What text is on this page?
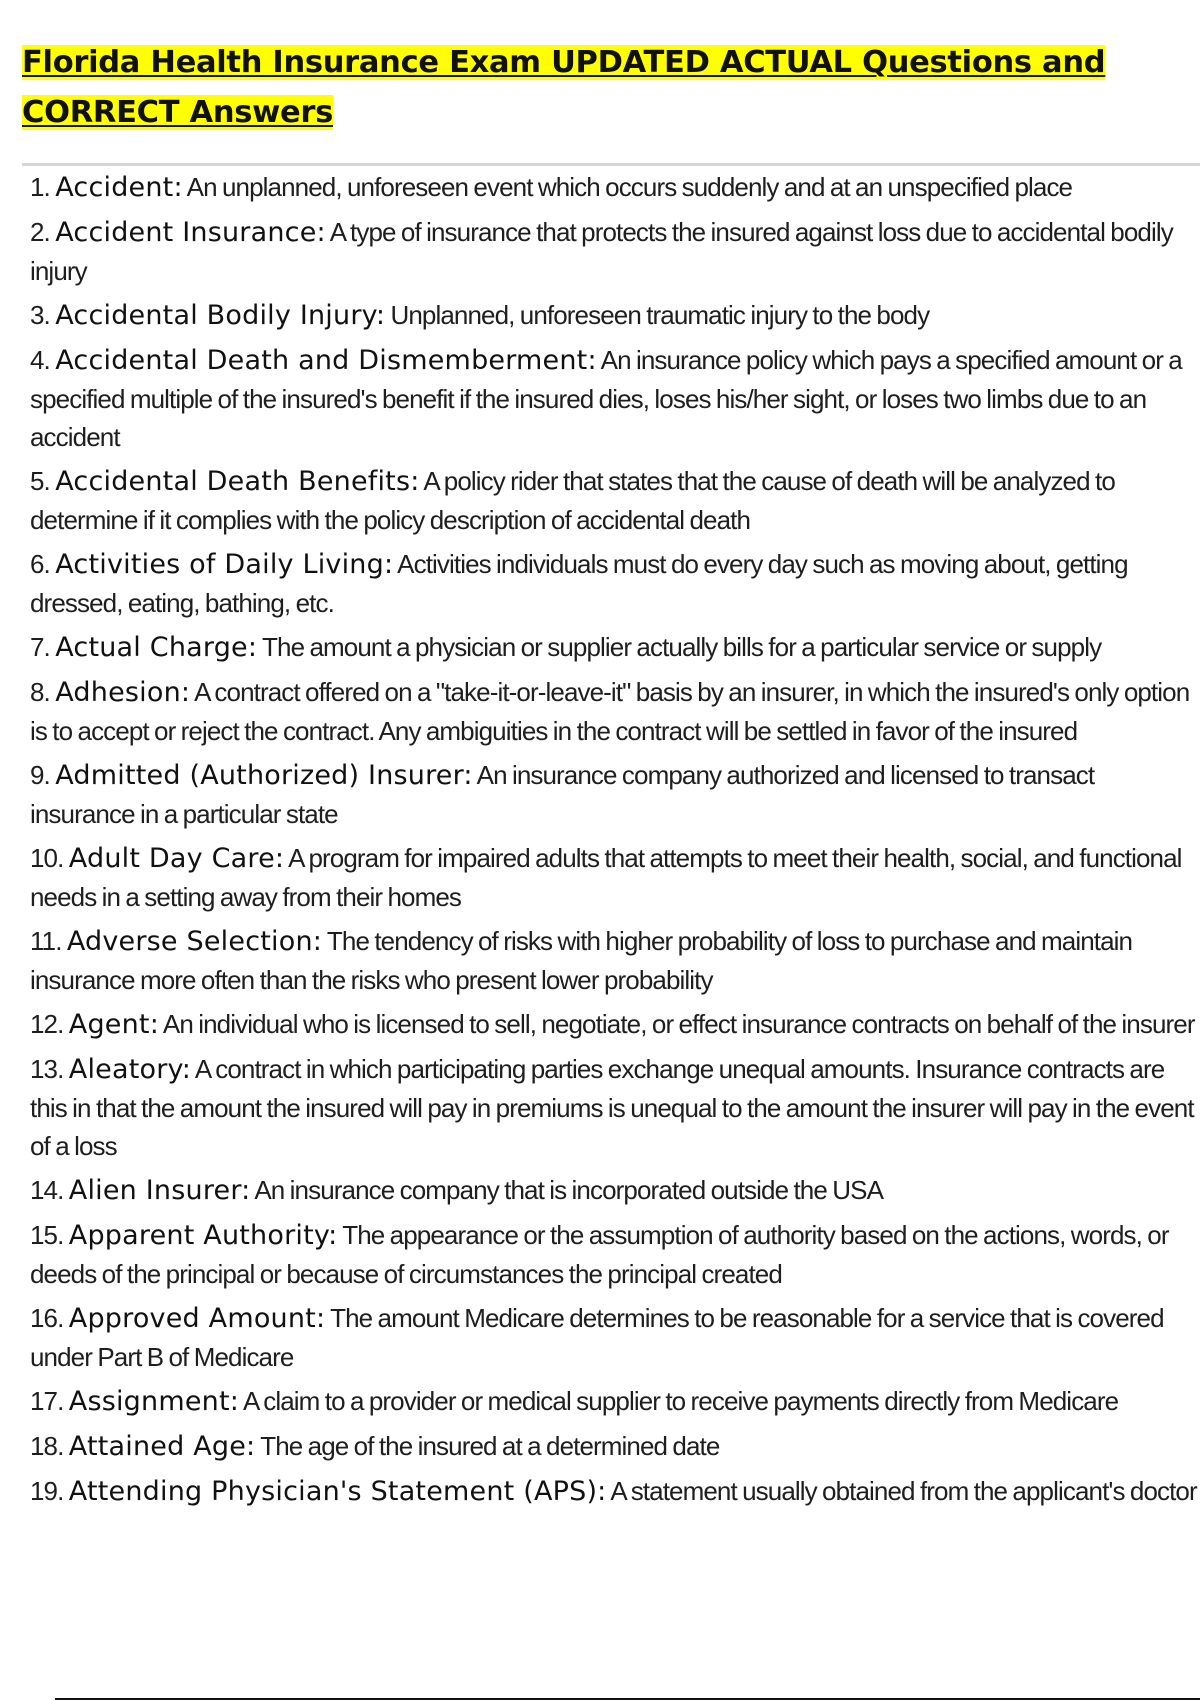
Florida Health Insurance Exam UPDATED ACTUAL Questions and CORRECT Answers
1. Accident: An unplanned, unforeseen event which occurs suddenly and at an unspecified place
2. Accident Insurance: A type of insurance that protects the insured against loss due to accidental bodily injury
3. Accidental Bodily Injury: Unplanned, unforeseen traumatic injury to the body
4. Accidental Death and Dismemberment: An insurance policy which pays a specified amount or a specified multiple of the insured's benefit if the insured dies, loses his/her sight, or loses two limbs due to an accident
5. Accidental Death Benefits: A policy rider that states that the cause of death will be analyzed to determine if it complies with the policy description of accidental death
6. Activities of Daily Living: Activities individuals must do every day such as moving about, getting dressed, eating, bathing, etc.
7. Actual Charge: The amount a physician or supplier actually bills for a particular service or supply
8. Adhesion: A contract offered on a "take-it-or-leave-it" basis by an insurer, in which the insured's only option is to accept or reject the contract. Any ambiguities in the contract will be settled in favor of the insured
9. Admitted (Authorized) Insurer: An insurance company authorized and licensed to transact insurance in a particular state
10. Adult Day Care: A program for impaired adults that attempts to meet their health, social, and functional needs in a setting away from their homes
11. Adverse Selection: The tendency of risks with higher probability of loss to purchase and maintain insurance more often than the risks who present lower probability
12. Agent: An individual who is licensed to sell, negotiate, or effect insurance contracts on behalf of the insurer
13. Aleatory: A contract in which participating parties exchange unequal amounts. Insurance contracts are this in that the amount the insured will pay in premiums is unequal to the amount the insurer will pay in the event of a loss
14. Alien Insurer: An insurance company that is incorporated outside the USA
15. Apparent Authority: The appearance or the assumption of authority based on the actions, words, or deeds of the principal or because of circumstances the principal created
16. Approved Amount: The amount Medicare determines to be reasonable for a service that is covered under Part B of Medicare
17. Assignment: A claim to a provider or medical supplier to receive payments directly from Medicare
18. Attained Age: The age of the insured at a determined date
19. Attending Physician's Statement (APS): A statement usually obtained from the applicant's doctor
